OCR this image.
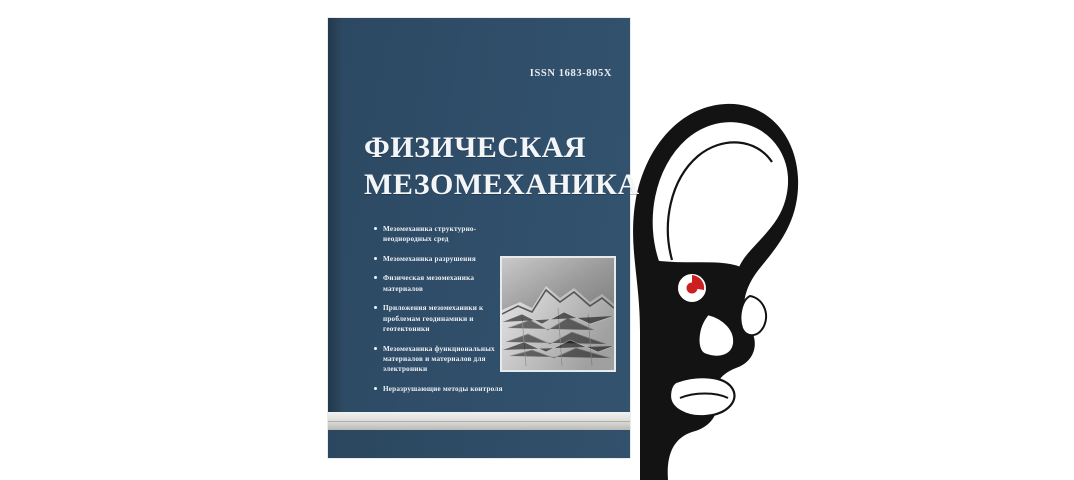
ISSN 1683-805X
ФИЗИЧЕСКАЯ
МЕЗОМЕХАНИКА
Мезомеханика структурно-неоднородных сред
Мезомеханика разрушения
Физическая мезомеханика материалов
Приложения мезомеханики к проблемам геодинамики и геотектоники
Мезомеханика функциональных материалов и материалов для электроники
Неразрушающие методы контроля
